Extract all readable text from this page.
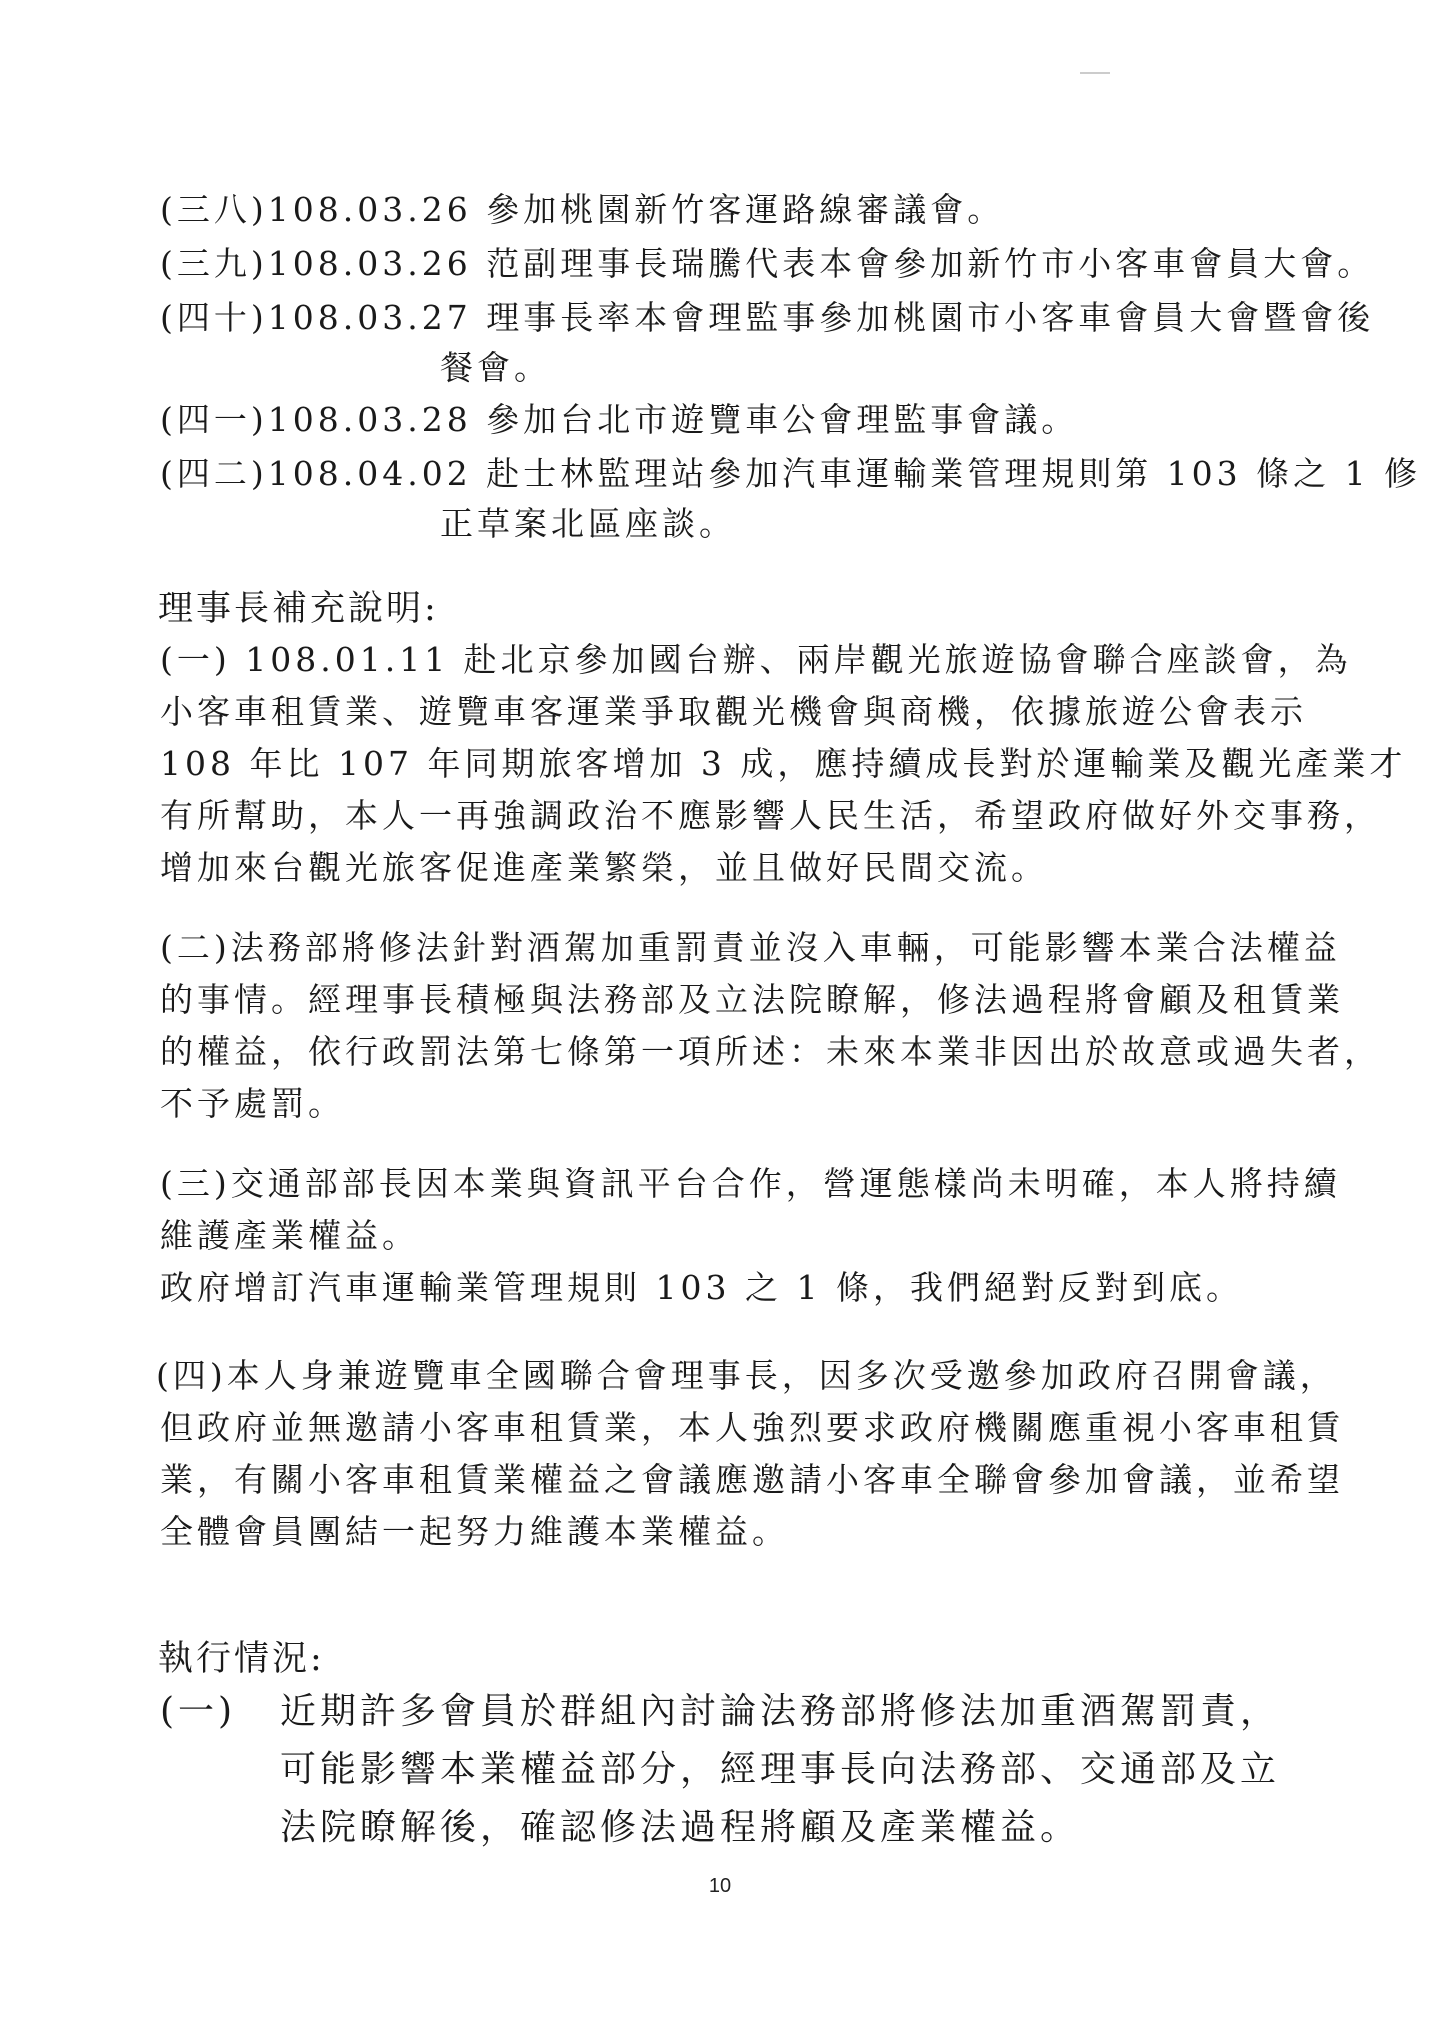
(三八)108.03.26 參加桃園新竹客運路線審議會。
(三九)108.03.26 范副理事長瑞騰代表本會參加新竹市小客車會員大會。
(四十)108.03.27 理事長率本會理監事參加桃園市小客車會員大會暨會後
餐會。
(四一)108.03.28 參加台北市遊覽車公會理監事會議。
(四二)108.04.02 赴士林監理站參加汽車運輸業管理規則第 103 條之 1 修
正草案北區座談。
理事長補充說明:
(一) 108.01.11 赴北京參加國台辦、兩岸觀光旅遊協會聯合座談會，為
小客車租賃業、遊覽車客運業爭取觀光機會與商機，依據旅遊公會表示
108 年比 107 年同期旅客增加 3 成，應持續成長對於運輸業及觀光產業才
有所幫助，本人一再強調政治不應影響人民生活，希望政府做好外交事務，
增加來台觀光旅客促進產業繁榮，並且做好民間交流。
(二)法務部將修法針對酒駕加重罰責並沒入車輛，可能影響本業合法權益
的事情。經理事長積極與法務部及立法院瞭解，修法過程將會顧及租賃業
的權益，依行政罰法第七條第一項所述：未來本業非因出於故意或過失者，
不予處罰。
(三)交通部部長因本業與資訊平台合作，營運態樣尚未明確，本人將持續
維護產業權益。
政府增訂汽車運輸業管理規則 103 之 1 條，我們絕對反對到底。
(四)本人身兼遊覽車全國聯合會理事長，因多次受邀參加政府召開會議，
但政府並無邀請小客車租賃業，本人強烈要求政府機關應重視小客車租賃
業，有關小客車租賃業權益之會議應邀請小客車全聯會參加會議，並希望
全體會員團結一起努力維護本業權益。
執行情況:
(一) 近期許多會員於群組內討論法務部將修法加重酒駕罰責，
可能影響本業權益部分，經理事長向法務部、交通部及立
法院瞭解後，確認修法過程將顧及產業權益。
10
